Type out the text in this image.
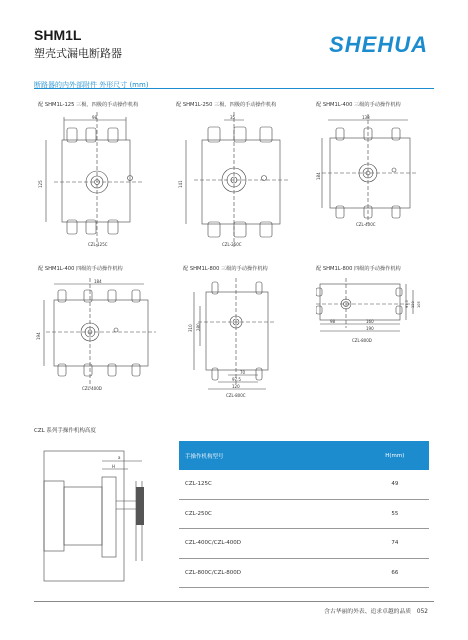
SHM1L
塑壳式漏电断路器	SHEHUA
断路器的内外部附件 外形尺寸 (mm)
配 SHM1L-125 三极、四极的手动操作机构
98
125
CZL-125C
配 SHM1L-250 三极、四极的手动操作机构
35
141
CZL-250C
配 SHM1L-400 三级的手动操作机构
138
184
CZL-400C
配 SHM1L-400 四级的手动操作机构
184
194
CZL-400D
配 SHM1L-800 三级的手动操作机构
310 280
70
97.5
120
CZL-800C
配 SHM1L-800 四级的手动操作机构
98	160
190
97.5 120 105
CZL-800D
CZL 系列手操作机构高度
a
H
手操作机构型号	H(mm)
CZL-125C	49
CZL-250C	55
CZL-400C/CZL-400D	74
CZL-800C/CZL-800D	66
含古华丽的外表、追求卓越的品质 052
